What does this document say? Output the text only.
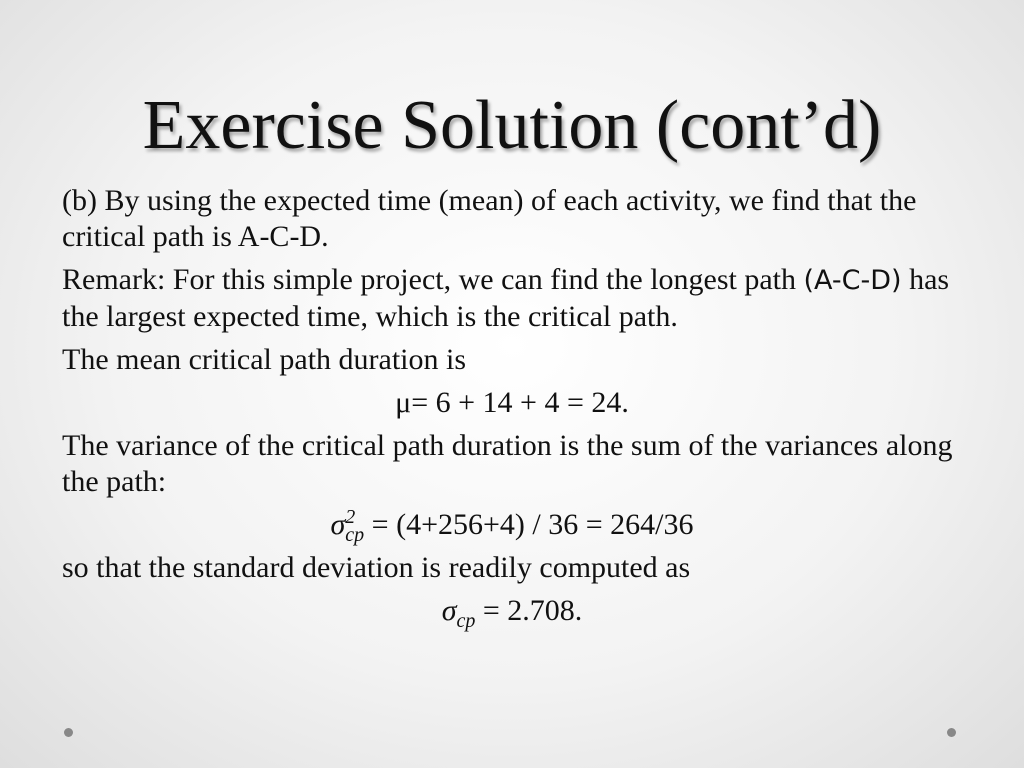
Exercise Solution (cont’d)

(b) By using the expected time (mean) of each activity, we find that the critical path is A-C-D.

Remark: For this simple project, we can find the longest path (A-C-D) has the largest expected time, which is the critical path.

The mean critical path duration is

μ= 6 + 14 + 4 = 24.

The variance of the critical path duration is the sum of the variances along the path:

$\sigma^2_{cp} = (4+256+4) / 36 = 264/36$

so that the standard deviation is readily computed as

$\sigma_{cp} = 2.708$.
